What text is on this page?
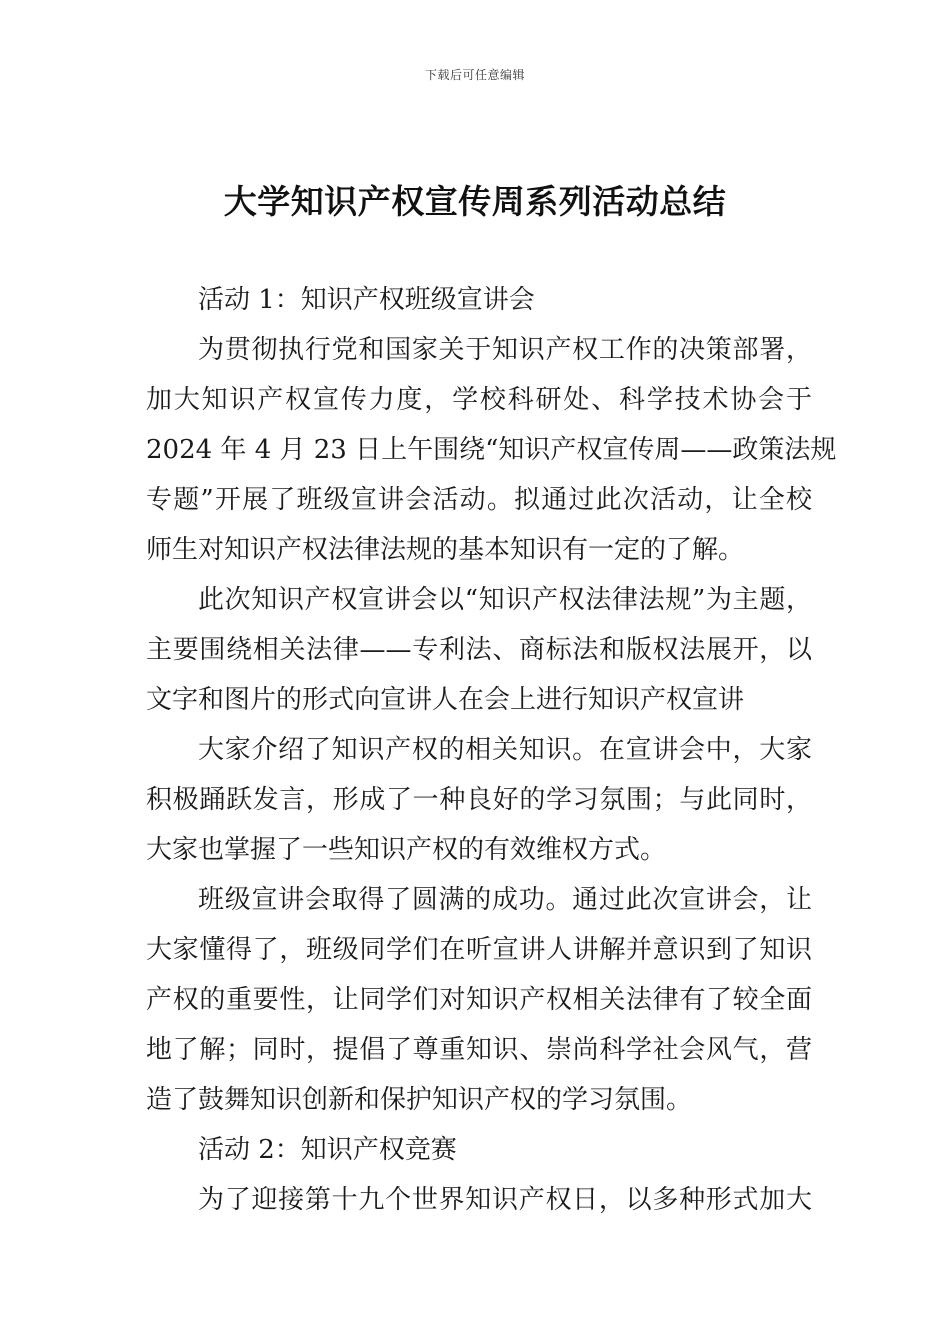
下载后可任意编辑
大学知识产权宣传周系列活动总结
活动 1：知识产权班级宣讲会
为贯彻执行党和国家关于知识产权工作的决策部署，
加大知识产权宣传力度，学校科研处、科学技术协会于
2024 年 4 月 23 日上午围绕“知识产权宣传周——政策法规
专题”开展了班级宣讲会活动。拟通过此次活动，让全校
师生对知识产权法律法规的基本知识有一定的了解。
此次知识产权宣讲会以“知识产权法律法规”为主题，
主要围绕相关法律——专利法、商标法和版权法展开，以
文字和图片的形式向宣讲人在会上进行知识产权宣讲
大家介绍了知识产权的相关知识。在宣讲会中，大家
积极踊跃发言，形成了一种良好的学习氛围；与此同时，
大家也掌握了一些知识产权的有效维权方式。
班级宣讲会取得了圆满的成功。通过此次宣讲会，让
大家懂得了，班级同学们在听宣讲人讲解并意识到了知识
产权的重要性，让同学们对知识产权相关法律有了较全面
地了解；同时，提倡了尊重知识、崇尚科学社会风气，营
造了鼓舞知识创新和保护知识产权的学习氛围。
活动 2：知识产权竞赛
为了迎接第十九个世界知识产权日，以多种形式加大
